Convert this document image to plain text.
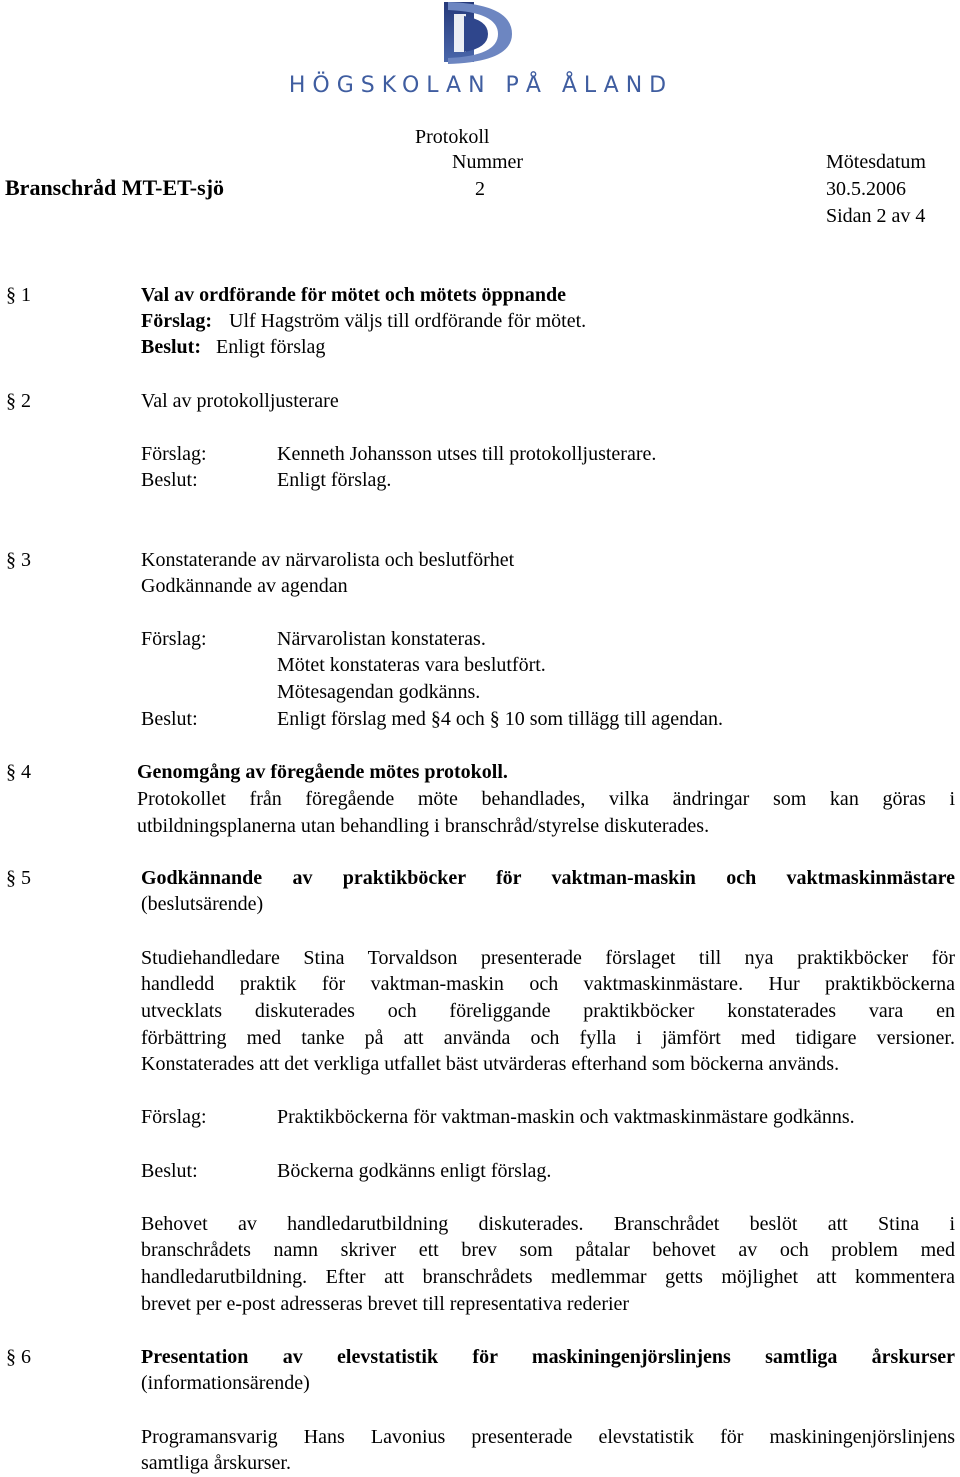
HÖGSKOLAN PÅ ÅLAND
Protokoll
Nummer	Mötesdatum
Branschråd MT-ET-sjö	2	30.5.2006
Sidan 2 av 4
§ 1	Val av ordförande för mötet och mötets öppnande
Förslag: Ulf Hagström väljs till ordförande för mötet.
Beslut: Enligt förslag
§ 2	Val av protokolljusterare
Förslag:	Kenneth Johansson utses till protokolljusterare.
Beslut:	Enligt förslag.
§ 3	Konstaterande av närvarolista och beslutförhet
Godkännande av agendan
Förslag:	Närvarolistan konstateras.
Mötet konstateras vara beslutfört.
Mötesagendan godkänns.
Beslut:	Enligt förslag med §4 och § 10 som tillägg till agendan.
§ 4	Genomgång av föregående mötes protokoll.
Protokollet från föregående möte behandlades, vilka ändringar som kan göras i
utbildningsplanerna utan behandling i branschråd/styrelse diskuterades.
§ 5	Godkännande av praktikböcker för vaktman-maskin och vaktmaskinmästare
(beslutsärende)
Studiehandledare Stina Torvaldson presenterade förslaget till nya praktikböcker för
handledd praktik för vaktman-maskin och vaktmaskinmästare. Hur praktikböckerna
utvecklats diskuterades och föreliggande praktikböcker konstaterades vara en
förbättring med tanke på att använda och fylla i jämfört med tidigare versioner.
Konstaterades att det verkliga utfallet bäst utvärderas efterhand som böckerna används.
Förslag:	Praktikböckerna för vaktman-maskin och vaktmaskinmästare godkänns.
Beslut:	Böckerna godkänns enligt förslag.
Behovet av handledarutbildning diskuterades. Branschrådet beslöt att Stina i
branschrådets namn skriver ett brev som påtalar behovet av och problem med
handledarutbildning. Efter att branschrådets medlemmar getts möjlighet att kommentera
brevet per e-post adresseras brevet till representativa rederier
§ 6	Presentation av elevstatistik för maskiningenjörslinjens samtliga årskurser
(informationsärende)
Programansvarig Hans Lavonius presenterade elevstatistik för maskiningenjörslinjens
samtliga årskurser.
